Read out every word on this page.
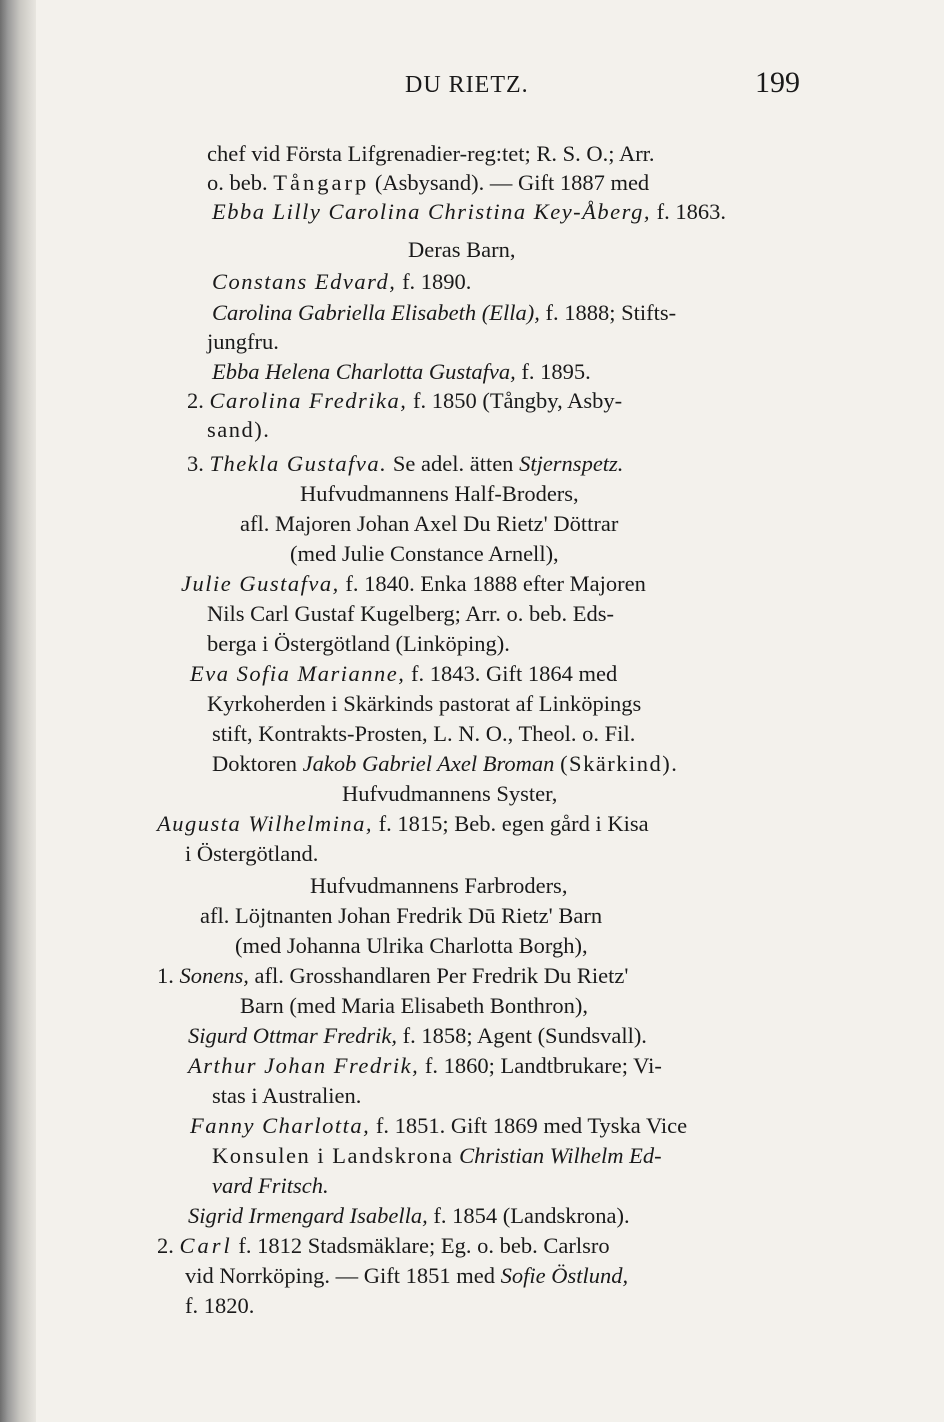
DU RIETZ.	199
chef vid Första Lifgrenadier-reg:tet; R. S. O.; Arr.
o. beb. Tångarp (Asbysand). — Gift 1887 med
Ebba Lilly Carolina Christina Key-Åberg, f. 1863.
Deras Barn,
Constans Edvard, f. 1890.
Carolina Gabriella Elisabeth (Ella), f. 1888; Stifts-
jungfru.
Ebba Helena Charlotta Gustafva, f. 1895.
2. Carolina Fredrika, f. 1850 (Tångby, Asby-
sand).
3. Thekla Gustafva. Se adel. ätten Stjernspetz.
Hufvudmannens Half-Broders,
afl. Majoren Johan Axel Du Rietz' Döttrar
(med Julie Constance Arnell),
Julie Gustafva, f. 1840. Enka 1888 efter Majoren
Nils Carl Gustaf Kugelberg; Arr. o. beb. Eds-
berga i Östergötland (Linköping).
Eva Sofia Marianne, f. 1843. Gift 1864 med
Kyrkoherden i Skärkinds pastorat af Linköpings
stift, Kontrakts-Prosten, L. N. O., Theol. o. Fil.
Doktoren Jakob Gabriel Axel Broman (Skärkind).
Hufvudmannens Syster,
Augusta Wilhelmina, f. 1815; Beb. egen gård i Kisa
i Östergötland.
Hufvudmannens Farbroders,
afl. Löjtnanten Johan Fredrik Dū Rietz' Barn
(med Johanna Ulrika Charlotta Borgh),
1. Sonens, afl. Grosshandlaren Per Fredrik Du Rietz'
Barn (med Maria Elisabeth Bonthron),
Sigurd Ottmar Fredrik, f. 1858; Agent (Sundsvall).
Arthur Johan Fredrik, f. 1860; Landtbrukare; Vi-
stas i Australien.
Fanny Charlotta, f. 1851. Gift 1869 med Tyska Vice
Konsulen i Landskrona Christian Wilhelm Ed-
vard Fritsch.
Sigrid Irmengard Isabella, f. 1854 (Landskrona).
2. Carl f. 1812 Stadsmäklare; Eg. o. beb. Carlsro
vid Norrköping. — Gift 1851 med Sofie Östlund,
f. 1820.
